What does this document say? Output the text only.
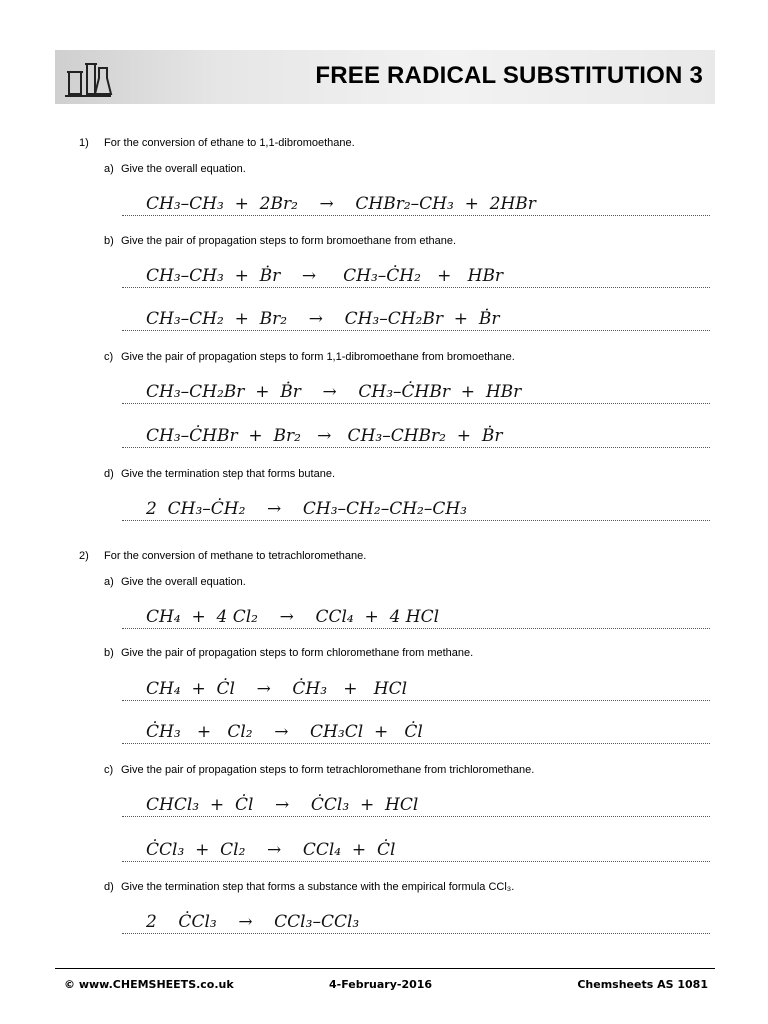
FREE RADICAL SUBSTITUTION 3
1) For the conversion of ethane to 1,1-dibromoethane.
a) Give the overall equation.
CH₃–CH₃  +  2Br₂    →    CHBr₂–CH₃  +  2HBr
b) Give the pair of propagation steps to form bromoethane from ethane.
CH₃–CH₃  +  Ḃr    →     CH₃–ĊH₂   +   HBr
CH₃–CH₂  +  Br₂    →    CH₃–CH₂Br  +  Ḃr
c) Give the pair of propagation steps to form 1,1-dibromoethane from bromoethane.
CH₃–CH₂Br  +  Ḃr    →    CH₃–ĊHBr  +  HBr
CH₃–ĊHBr  +  Br₂   →   CH₃–CHBr₂  +  Ḃr
d) Give the termination step that forms butane.
2  CH₃–ĊH₂    →    CH₃–CH₂–CH₂–CH₃
2) For the conversion of methane to tetrachloromethane.
a) Give the overall equation.
CH₄  +  4 Cl₂    →    CCl₄  +  4 HCl
b) Give the pair of propagation steps to form chloromethane from methane.
CH₄  +  Ċl    →    ĊH₃   +   HCl
ĊH₃   +   Cl₂    →    CH₃Cl  +   Ċl
c) Give the pair of propagation steps to form tetrachloromethane from trichloromethane.
CHCl₃  +  Ċl    →    ĊCl₃  +  HCl
ĊCl₃  +  Cl₂    →    CCl₄  +  Ċl
d) Give the termination step that forms a substance with the empirical formula CCl₃.
2    ĊCl₃    →    CCl₃–CCl₃
© www.CHEMSHEETS.co.uk	4-February-2016	Chemsheets AS 1081
